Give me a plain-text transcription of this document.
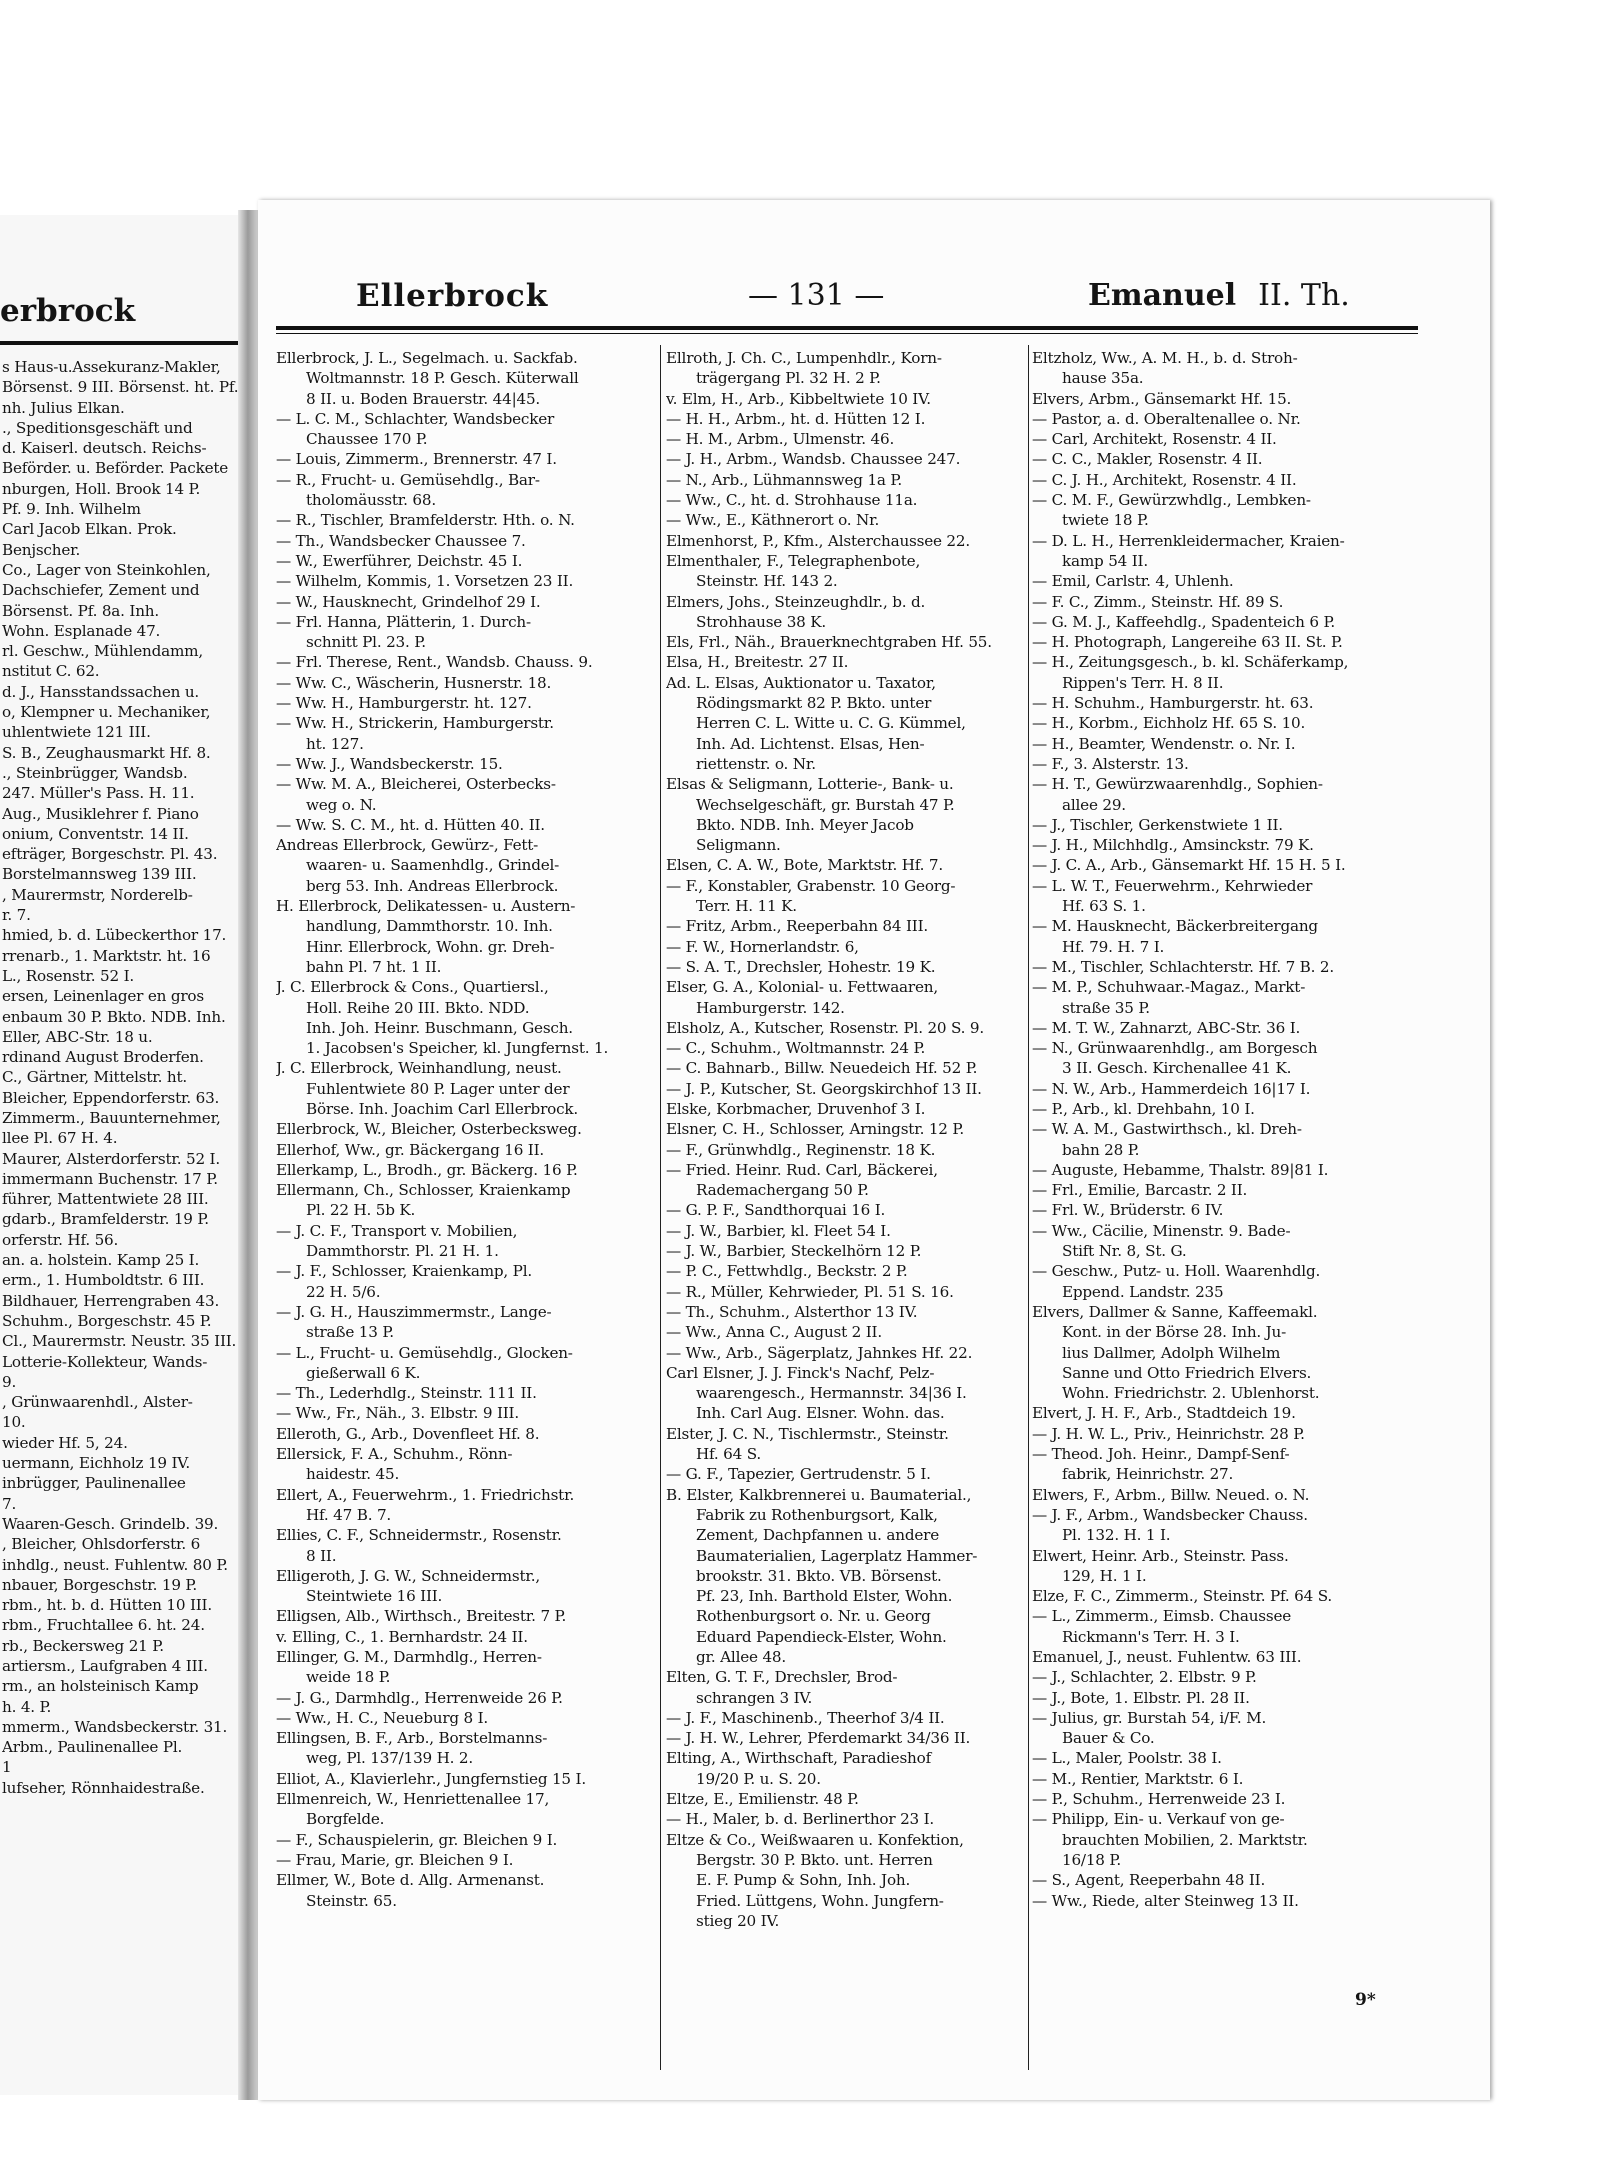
erbrock
s Haus-u.Assekuranz-Makler,
Börsenst. 9 III. Börsenst. ht. Pf.
nh. Julius Elkan.
., Speditionsgeschäft und
d. Kaiserl. deutsch. Reichs-
Beförder. u. Beförder. Packete
nburgen, Holl. Brook 14 P.
Pf. 9. Inh. Wilhelm
Carl Jacob Elkan. Prok.
Benjscher.
Co., Lager von Steinkohlen,
Dachschiefer, Zement und
Börsenst. Pf. 8a. Inh.
Wohn. Esplanade 47.
rl. Geschw., Mühlendamm,
nstitut C. 62.
d. J., Hansstandssachen u.
o, Klempner u. Mechaniker,
uhlentwiete 121 III.
S. B., Zeughausmarkt Hf. 8.
., Steinbrügger, Wandsb.
247. Müller's Pass. H. 11.
Aug., Musiklehrer f. Piano
onium, Conventstr. 14 II.
efträger, Borgeschstr. Pl. 43.
Borstelmannsweg 139 III.
, Maurermstr, Norderelb-
r. 7.
hmied, b. d. Lübeckerthor 17.
rrenarb., 1. Marktstr. ht. 16
L., Rosenstr. 52 I.
ersen, Leinenlager en gros
enbaum 30 P. Bkto. NDB. Inh.
Eller, ABC-Str. 18 u.
rdinand August Broderfen.
C., Gärtner, Mittelstr. ht.
Bleicher, Eppendorferstr. 63.
Zimmerm., Bauunternehmer,
llee Pl. 67 H. 4.
Maurer, Alsterdorferstr. 52 I.
immermann Buchenstr. 17 P.
führer, Mattentwiete 28 III.
gdarb., Bramfelderstr. 19 P.
orferstr. Hf. 56.
an. a. holstein. Kamp 25 I.
erm., 1. Humboldtstr. 6 III.
Bildhauer, Herrengraben 43.
Schuhm., Borgeschstr. 45 P.
Cl., Maurermstr. Neustr. 35 III.
Lotterie-Kollekteur, Wands-
9.
, Grünwaarenhdl., Alster-
10.
wieder Hf. 5, 24.
uermann, Eichholz 19 IV.
inbrügger, Paulinenallee
7.
Waaren-Gesch. Grindelb. 39.
, Bleicher, Ohlsdorferstr. 6
inhdlg., neust. Fuhlentw. 80 P.
nbauer, Borgeschstr. 19 P.
rbm., ht. b. d. Hütten 10 III.
rbm., Fruchtallee 6. ht. 24.
rb., Beckersweg 21 P.
artiersm., Laufgraben 4 III.
rm., an holsteinisch Kamp
h. 4. P.
mmerm., Wandsbeckerstr. 31.
Arbm., Paulinenallee Pl.
1
lufseher, Rönnhaidestraße.
Ellerbrock	— 131 —	Emanuel II. Th.
Ellerbrock, J. L., Segelmach. u. Sackfab.
Woltmannstr. 18 P. Gesch. Küterwall
8 II. u. Boden Brauerstr. 44|45.
— L. C. M., Schlachter, Wandsbecker
Chaussee 170 P.
— Louis, Zimmerm., Brennerstr. 47 I.
— R., Frucht- u. Gemüsehdlg., Bar-
tholomäusstr. 68.
— R., Tischler, Bramfelderstr. Hth. o. N.
— Th., Wandsbecker Chaussee 7.
— W., Ewerführer, Deichstr. 45 I.
— Wilhelm, Kommis, 1. Vorsetzen 23 II.
— W., Hausknecht, Grindelhof 29 I.
— Frl. Hanna, Plätterin, 1. Durch-
schnitt Pl. 23. P.
— Frl. Therese, Rent., Wandsb. Chauss. 9.
— Ww. C., Wäscherin, Husnerstr. 18.
— Ww. H., Hamburgerstr. ht. 127.
— Ww. H., Strickerin, Hamburgerstr.
ht. 127.
— Ww. J., Wandsbeckerstr. 15.
— Ww. M. A., Bleicherei, Osterbecks-
weg o. N.
— Ww. S. C. M., ht. d. Hütten 40. II.
Andreas Ellerbrock, Gewürz-, Fett-
waaren- u. Saamenhdlg., Grindel-
berg 53. Inh. Andreas Ellerbrock.
H. Ellerbrock, Delikatessen- u. Austern-
handlung, Dammthorstr. 10. Inh.
Hinr. Ellerbrock, Wohn. gr. Dreh-
bahn Pl. 7 ht. 1 II.
J. C. Ellerbrock & Cons., Quartiersl.,
Holl. Reihe 20 III. Bkto. NDD.
Inh. Joh. Heinr. Buschmann, Gesch.
1. Jacobsen's Speicher, kl. Jungfernst. 1.
J. C. Ellerbrock, Weinhandlung, neust.
Fuhlentwiete 80 P. Lager unter der
Börse. Inh. Joachim Carl Ellerbrock.
Ellerbrock, W., Bleicher, Osterbecksweg.
Ellerhof, Ww., gr. Bäckergang 16 II.
Ellerkamp, L., Brodh., gr. Bäckerg. 16 P.
Ellermann, Ch., Schlosser, Kraienkamp
Pl. 22 H. 5b K.
— J. C. F., Transport v. Mobilien,
Dammthorstr. Pl. 21 H. 1.
— J. F., Schlosser, Kraienkamp, Pl.
22 H. 5/6.
— J. G. H., Hauszimmermstr., Lange-
straße 13 P.
— L., Frucht- u. Gemüsehdlg., Glocken-
gießerwall 6 K.
— Th., Lederhdlg., Steinstr. 111 II.
— Ww., Fr., Näh., 3. Elbstr. 9 III.
Elleroth, G., Arb., Dovenfleet Hf. 8.
Ellersick, F. A., Schuhm., Rönn-
haidestr. 45.
Ellert, A., Feuerwehrm., 1. Friedrichstr.
Hf. 47 B. 7.
Ellies, C. F., Schneidermstr., Rosenstr.
8 II.
Elligeroth, J. G. W., Schneidermstr.,
Steintwiete 16 III.
Elligsen, Alb., Wirthsch., Breitestr. 7 P.
v. Elling, C., 1. Bernhardstr. 24 II.
Ellinger, G. M., Darmhdlg., Herren-
weide 18 P.
— J. G., Darmhdlg., Herrenweide 26 P.
— Ww., H. C., Neueburg 8 I.
Ellingsen, B. F., Arb., Borstelmanns-
weg, Pl. 137/139 H. 2.
Elliot, A., Klavierlehr., Jungfernstieg 15 I.
Ellmenreich, W., Henriettenallee 17,
Borgfelde.
— F., Schauspielerin, gr. Bleichen 9 I.
— Frau, Marie, gr. Bleichen 9 I.
Ellmer, W., Bote d. Allg. Armenanst.
Steinstr. 65.
Ellroth, J. Ch. C., Lumpenhdlr., Korn-
trägergang Pl. 32 H. 2 P.
v. Elm, H., Arb., Kibbeltwiete 10 IV.
— H. H., Arbm., ht. d. Hütten 12 I.
— H. M., Arbm., Ulmenstr. 46.
— J. H., Arbm., Wandsb. Chaussee 247.
— N., Arb., Lühmannsweg 1a P.
— Ww., C., ht. d. Strohhause 11a.
— Ww., E., Käthnerort o. Nr.
Elmenhorst, P., Kfm., Alsterchaussee 22.
Elmenthaler, F., Telegraphenbote,
Steinstr. Hf. 143 2.
Elmers, Johs., Steinzeughdlr., b. d.
Strohhause 38 K.
Els, Frl., Näh., Brauerknechtgraben Hf. 55.
Elsa, H., Breitestr. 27 II.
Ad. L. Elsas, Auktionator u. Taxator,
Rödingsmarkt 82 P. Bkto. unter
Herren C. L. Witte u. C. G. Kümmel,
Inh. Ad. Lichtenst. Elsas, Hen-
riettenstr. o. Nr.
Elsas & Seligmann, Lotterie-, Bank- u.
Wechselgeschäft, gr. Burstah 47 P.
Bkto. NDB. Inh. Meyer Jacob
Seligmann.
Elsen, C. A. W., Bote, Marktstr. Hf. 7.
— F., Konstabler, Grabenstr. 10 Georg-
Terr. H. 11 K.
— Fritz, Arbm., Reeperbahn 84 III.
— F. W., Hornerlandstr. 6,
— S. A. T., Drechsler, Hohestr. 19 K.
Elser, G. A., Kolonial- u. Fettwaaren,
Hamburgerstr. 142.
Elsholz, A., Kutscher, Rosenstr. Pl. 20 S. 9.
— C., Schuhm., Woltmannstr. 24 P.
— C. Bahnarb., Billw. Neuedeich Hf. 52 P.
— J. P., Kutscher, St. Georgskirchhof 13 II.
Elske, Korbmacher, Druvenhof 3 I.
Elsner, C. H., Schlosser, Arningstr. 12 P.
— F., Grünwhdlg., Reginenstr. 18 K.
— Fried. Heinr. Rud. Carl, Bäckerei,
Rademachergang 50 P.
— G. P. F., Sandthorquai 16 I.
— J. W., Barbier, kl. Fleet 54 I.
— J. W., Barbier, Steckelhörn 12 P.
— P. C., Fettwhdlg., Beckstr. 2 P.
— R., Müller, Kehrwieder, Pl. 51 S. 16.
— Th., Schuhm., Alsterthor 13 IV.
— Ww., Anna C., August 2 II.
— Ww., Arb., Sägerplatz, Jahnkes Hf. 22.
Carl Elsner, J. J. Finck's Nachf, Pelz-
waarengesch., Hermannstr. 34|36 I.
Inh. Carl Aug. Elsner. Wohn. das.
Elster, J. C. N., Tischlermstr., Steinstr.
Hf. 64 S.
— G. F., Tapezier, Gertrudenstr. 5 I.
B. Elster, Kalkbrennerei u. Baumaterial.,
Fabrik zu Rothenburgsort, Kalk,
Zement, Dachpfannen u. andere
Baumaterialien, Lagerplatz Hammer-
brookstr. 31. Bkto. VB. Börsenst.
Pf. 23, Inh. Barthold Elster, Wohn.
Rothenburgsort o. Nr. u. Georg
Eduard Papendieck-Elster, Wohn.
gr. Allee 48.
Elten, G. T. F., Drechsler, Brod-
schrangen 3 IV.
— J. F., Maschinenb., Theerhof 3/4 II.
— J. H. W., Lehrer, Pferdemarkt 34/36 II.
Elting, A., Wirthschaft, Paradieshof
19/20 P. u. S. 20.
Eltze, E., Emilienstr. 48 P.
— H., Maler, b. d. Berlinerthor 23 I.
Eltze & Co., Weißwaaren u. Konfektion,
Bergstr. 30 P. Bkto. unt. Herren
E. F. Pump & Sohn, Inh. Joh.
Fried. Lüttgens, Wohn. Jungfern-
stieg 20 IV.
Eltzholz, Ww., A. M. H., b. d. Stroh-
hause 35a.
Elvers, Arbm., Gänsemarkt Hf. 15.
— Pastor, a. d. Oberaltenallee o. Nr.
— Carl, Architekt, Rosenstr. 4 II.
— C. C., Makler, Rosenstr. 4 II.
— C. J. H., Architekt, Rosenstr. 4 II.
— C. M. F., Gewürzwhdlg., Lembken-
twiete 18 P.
— D. L. H., Herrenkleidermacher, Kraien-
kamp 54 II.
— Emil, Carlstr. 4, Uhlenh.
— F. C., Zimm., Steinstr. Hf. 89 S.
— G. M. J., Kaffeehdlg., Spadenteich 6 P.
— H. Photograph, Langereihe 63 II. St. P.
— H., Zeitungsgesch., b. kl. Schäferkamp,
Rippen's Terr. H. 8 II.
— H. Schuhm., Hamburgerstr. ht. 63.
— H., Korbm., Eichholz Hf. 65 S. 10.
— H., Beamter, Wendenstr. o. Nr. I.
— F., 3. Alsterstr. 13.
— H. T., Gewürzwaarenhdlg., Sophien-
allee 29.
— J., Tischler, Gerkenstwiete 1 II.
— J. H., Milchhdlg., Amsinckstr. 79 K.
— J. C. A., Arb., Gänsemarkt Hf. 15 H. 5 I.
— L. W. T., Feuerwehrm., Kehrwieder
Hf. 63 S. 1.
— M. Hausknecht, Bäckerbreitergang
Hf. 79. H. 7 I.
— M., Tischler, Schlachterstr. Hf. 7 B. 2.
— M. P., Schuhwaar.-Magaz., Markt-
straße 35 P.
— M. T. W., Zahnarzt, ABC-Str. 36 I.
— N., Grünwaarenhdlg., am Borgesch
3 II. Gesch. Kirchenallee 41 K.
— N. W., Arb., Hammerdeich 16|17 I.
— P., Arb., kl. Drehbahn, 10 I.
— W. A. M., Gastwirthsch., kl. Dreh-
bahn 28 P.
— Auguste, Hebamme, Thalstr. 89|81 I.
— Frl., Emilie, Barcastr. 2 II.
— Frl. W., Brüderstr. 6 IV.
— Ww., Cäcilie, Minenstr. 9. Bade-
Stift Nr. 8, St. G.
— Geschw., Putz- u. Holl. Waarenhdlg.
Eppend. Landstr. 235
Elvers, Dallmer & Sanne, Kaffeemakl.
Kont. in der Börse 28. Inh. Ju-
lius Dallmer, Adolph Wilhelm
Sanne und Otto Friedrich Elvers.
Wohn. Friedrichstr. 2. Ublenhorst.
Elvert, J. H. F., Arb., Stadtdeich 19.
— J. H. W. L., Priv., Heinrichstr. 28 P.
— Theod. Joh. Heinr., Dampf-Senf-
fabrik, Heinrichstr. 27.
Elwers, F., Arbm., Billw. Neued. o. N.
— J. F., Arbm., Wandsbecker Chauss.
Pl. 132. H. 1 I.
Elwert, Heinr. Arb., Steinstr. Pass.
129, H. 1 I.
Elze, F. C., Zimmerm., Steinstr. Pf. 64 S.
— L., Zimmerm., Eimsb. Chaussee
Rickmann's Terr. H. 3 I.
Emanuel, J., neust. Fuhlentw. 63 III.
— J., Schlachter, 2. Elbstr. 9 P.
— J., Bote, 1. Elbstr. Pl. 28 II.
— Julius, gr. Burstah 54, i/F. M.
Bauer & Co.
— L., Maler, Poolstr. 38 I.
— M., Rentier, Marktstr. 6 I.
— P., Schuhm., Herrenweide 23 I.
— Philipp, Ein- u. Verkauf von ge-
brauchten Mobilien, 2. Marktstr.
16/18 P.
— S., Agent, Reeperbahn 48 II.
— Ww., Riede, alter Steinweg 13 II.
9*
